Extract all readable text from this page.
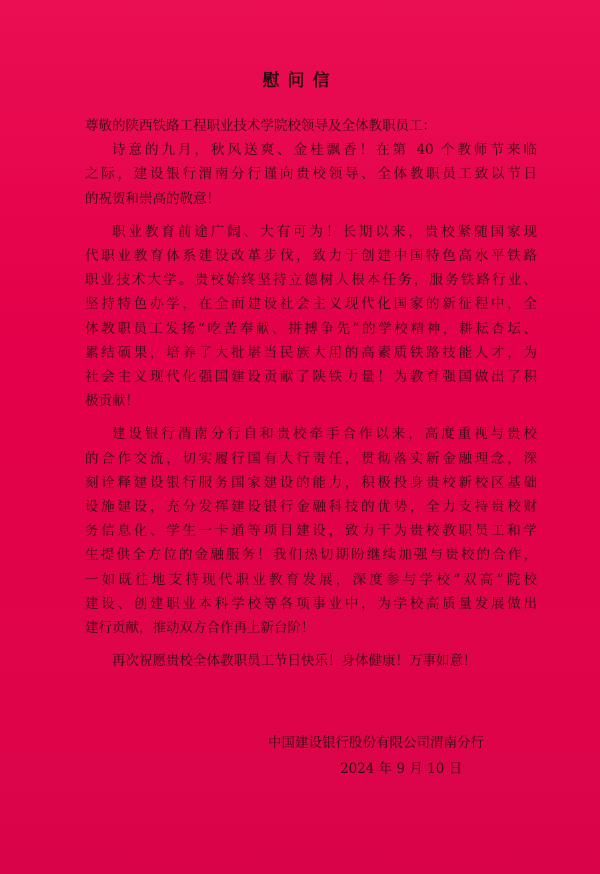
慰问信
尊敬的陕西铁路工程职业技术学院校领导及全体教职员工：
诗意的九月，秋风送爽、金桂飘香！在第 40 个教师节来临
之际，建设银行渭南分行谨向贵校领导、全体教职员工致以节日
的祝贺和崇高的敬意！
职业教育前途广阔、大有可为！长期以来，贵校紧随国家现
代职业教育体系建设改革步伐，致力于创建中国特色高水平铁路
职业技术大学。贵校始终坚持立德树人根本任务，服务铁路行业、
坚持特色办学，在全面建设社会主义现代化国家的新征程中，全
体教职员工发扬“吃苦奉献、拼搏争先”的学校精神，耕耘杏坛、
累结硕果，培养了大批堪当民族大用的高素质铁路技能人才，为
社会主义现代化强国建设贡献了陕铁力量！为教育强国做出了积
极贡献！
建设银行渭南分行自和贵校牵手合作以来，高度重视与贵校
的合作交流，切实履行国有大行责任，贯彻落实新金融理念，深
刻诠释建设银行服务国家建设的能力，积极投身贵校新校区基础
设施建设，充分发挥建设银行金融科技的优势，全力支持贵校财
务信息化、学生一卡通等项目建设，致力于为贵校教职员工和学
生提供全方位的金融服务！我们热切期盼继续加强与贵校的合作，
一如既往地支持现代职业教育发展，深度参与学校“双高”院校
建设、创建职业本科学校等各项事业中，为学校高质量发展做出
建行贡献，推动双方合作再上新台阶！
再次祝愿贵校全体教职员工节日快乐！身体健康！万事如意！
中国建设银行股份有限公司渭南分行
2024 年 9 月 10 日
